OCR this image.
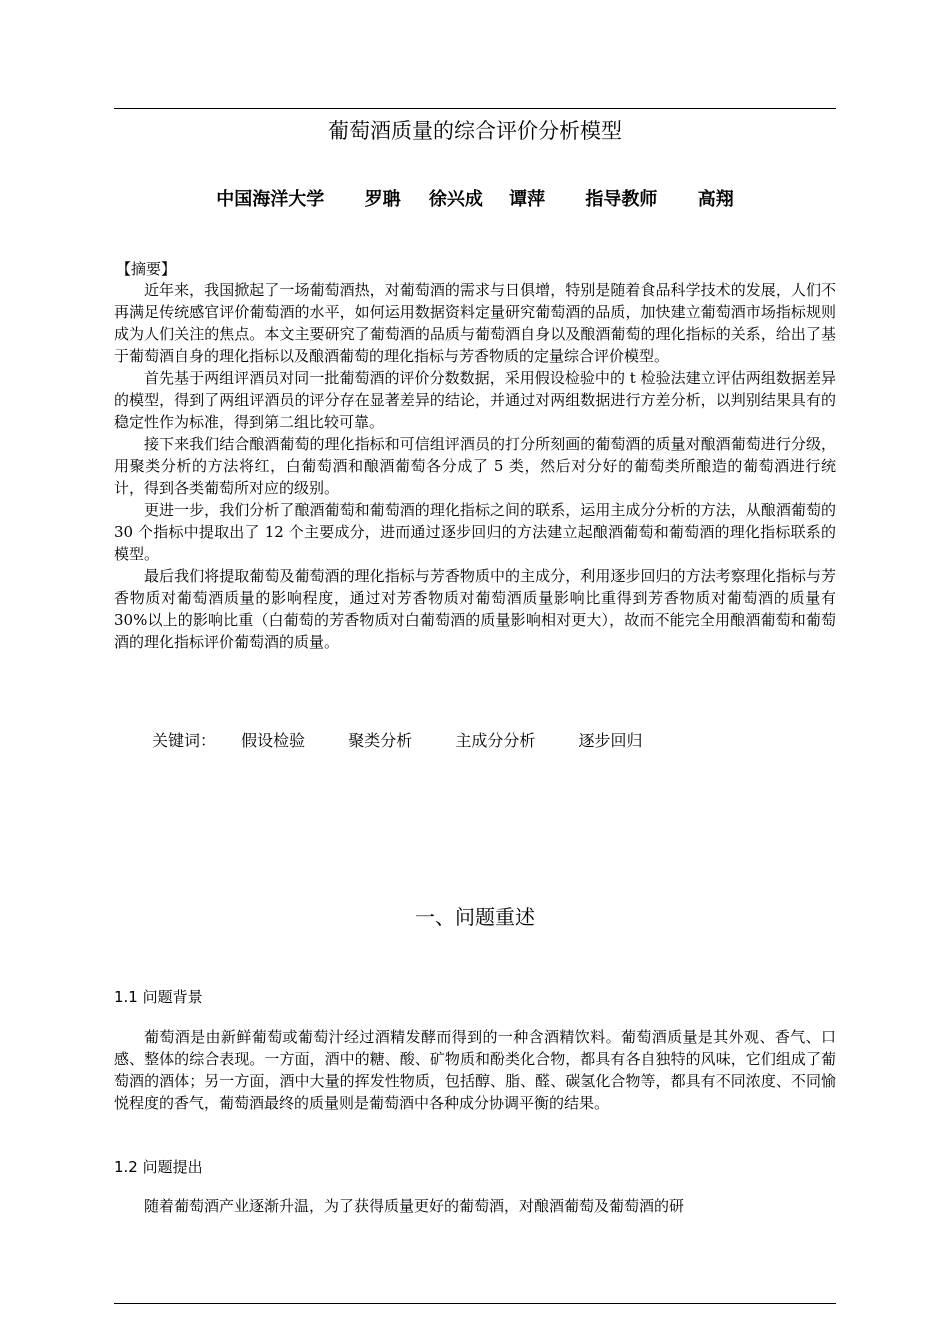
葡萄酒质量的综合评价分析模型
中国海洋大学 罗聃 徐兴成 谭萍 指导教师 高翔
【摘要】

近年来，我国掀起了一场葡萄酒热，对葡萄酒的需求与日俱增，特别是随着食品科学技术的发展，人们不再满足传统感官评价葡萄酒的水平，如何运用数据资料定量研究葡萄酒的品质，加快建立葡萄酒市场指标规则成为人们关注的焦点。本文主要研究了葡萄酒的品质与葡萄酒自身以及酿酒葡萄的理化指标的关系，给出了基于葡萄酒自身的理化指标以及酿酒葡萄的理化指标与芳香物质的定量综合评价模型。

首先基于两组评酒员对同一批葡萄酒的评价分数数据，采用假设检验中的 t 检验法建立评估两组数据差异的模型，得到了两组评酒员的评分存在显著差异的结论，并通过对两组数据进行方差分析，以判别结果具有的稳定性作为标准，得到第二组比较可靠。

接下来我们结合酿酒葡萄的理化指标和可信组评酒员的打分所刻画的葡萄酒的质量对酿酒葡萄进行分级，用聚类分析的方法将红，白葡萄酒和酿酒葡萄各分成了 5 类，然后对分好的葡萄类所酿造的葡萄酒进行统计，得到各类葡萄所对应的级别。

更进一步，我们分析了酿酒葡萄和葡萄酒的理化指标之间的联系，运用主成分分析的方法，从酿酒葡萄的 30 个指标中提取出了 12 个主要成分，进而通过逐步回归的方法建立起酿酒葡萄和葡萄酒的理化指标联系的模型。

最后我们将提取葡萄及葡萄酒的理化指标与芳香物质中的主成分，利用逐步回归的方法考察理化指标与芳香物质对葡萄酒质量的影响程度，通过对芳香物质对葡萄酒质量影响比重得到芳香物质对葡萄酒的质量有 30%以上的影响比重（白葡萄的芳香物质对白葡萄酒的质量影响相对更大），故而不能完全用酿酒葡萄和葡萄酒的理化指标评价葡萄酒的质量。

关键词： 假设检验	聚类分析	主成分分析	逐步回归
一、问题重述
1.1 问题背景

葡萄酒是由新鲜葡萄或葡萄汁经过酒精发酵而得到的一种含酒精饮料。葡萄酒质量是其外观、香气、口感、整体的综合表现。一方面，酒中的糖、酸、矿物质和酚类化合物，都具有各自独特的风味，它们组成了葡萄酒的酒体；另一方面，酒中大量的挥发性物质，包括醇、脂、醛、碳氢化合物等，都具有不同浓度、不同愉悦程度的香气，葡萄酒最终的质量则是葡萄酒中各种成分协调平衡的结果。

1.2 问题提出

随着葡萄酒产业逐渐升温，为了获得质量更好的葡萄酒，对酿酒葡萄及葡萄酒的研
